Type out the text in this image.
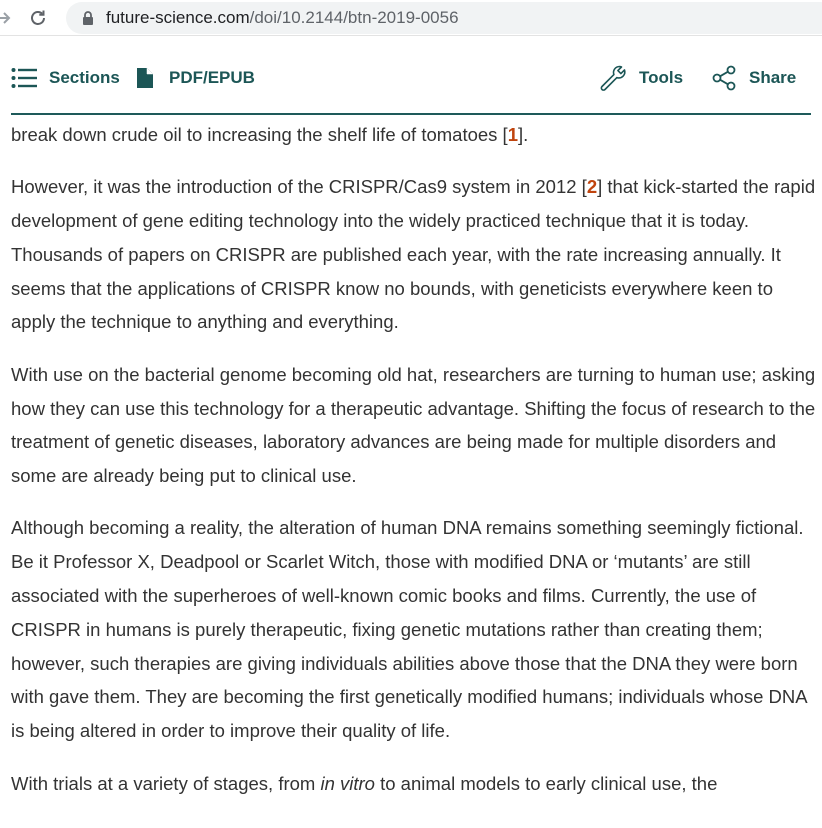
future-science.com/doi/10.2144/btn-2019-0056
Sections	PDF/EPUB	Tools	Share

break down crude oil to increasing the shelf life of tomatoes [1].

However, it was the introduction of the CRISPR/Cas9 system in 2012 [2] that kick-started the rapid development of gene editing technology into the widely practiced technique that it is today. Thousands of papers on CRISPR are published each year, with the rate increasing annually. It seems that the applications of CRISPR know no bounds, with geneticists everywhere keen to apply the technique to anything and everything.

With use on the bacterial genome becoming old hat, researchers are turning to human use; asking how they can use this technology for a therapeutic advantage. Shifting the focus of research to the treatment of genetic diseases, laboratory advances are being made for multiple disorders and some are already being put to clinical use.

Although becoming a reality, the alteration of human DNA remains something seemingly fictional. Be it Professor X, Deadpool or Scarlet Witch, those with modified DNA or ‘mutants’ are still associated with the superheroes of well-known comic books and films. Currently, the use of CRISPR in humans is purely therapeutic, fixing genetic mutations rather than creating them; however, such therapies are giving individuals abilities above those that the DNA they were born with gave them. They are becoming the first genetically modified humans; individuals whose DNA is being altered in order to improve their quality of life.

With trials at a variety of stages, from in vitro to animal models to early clinical use, the
